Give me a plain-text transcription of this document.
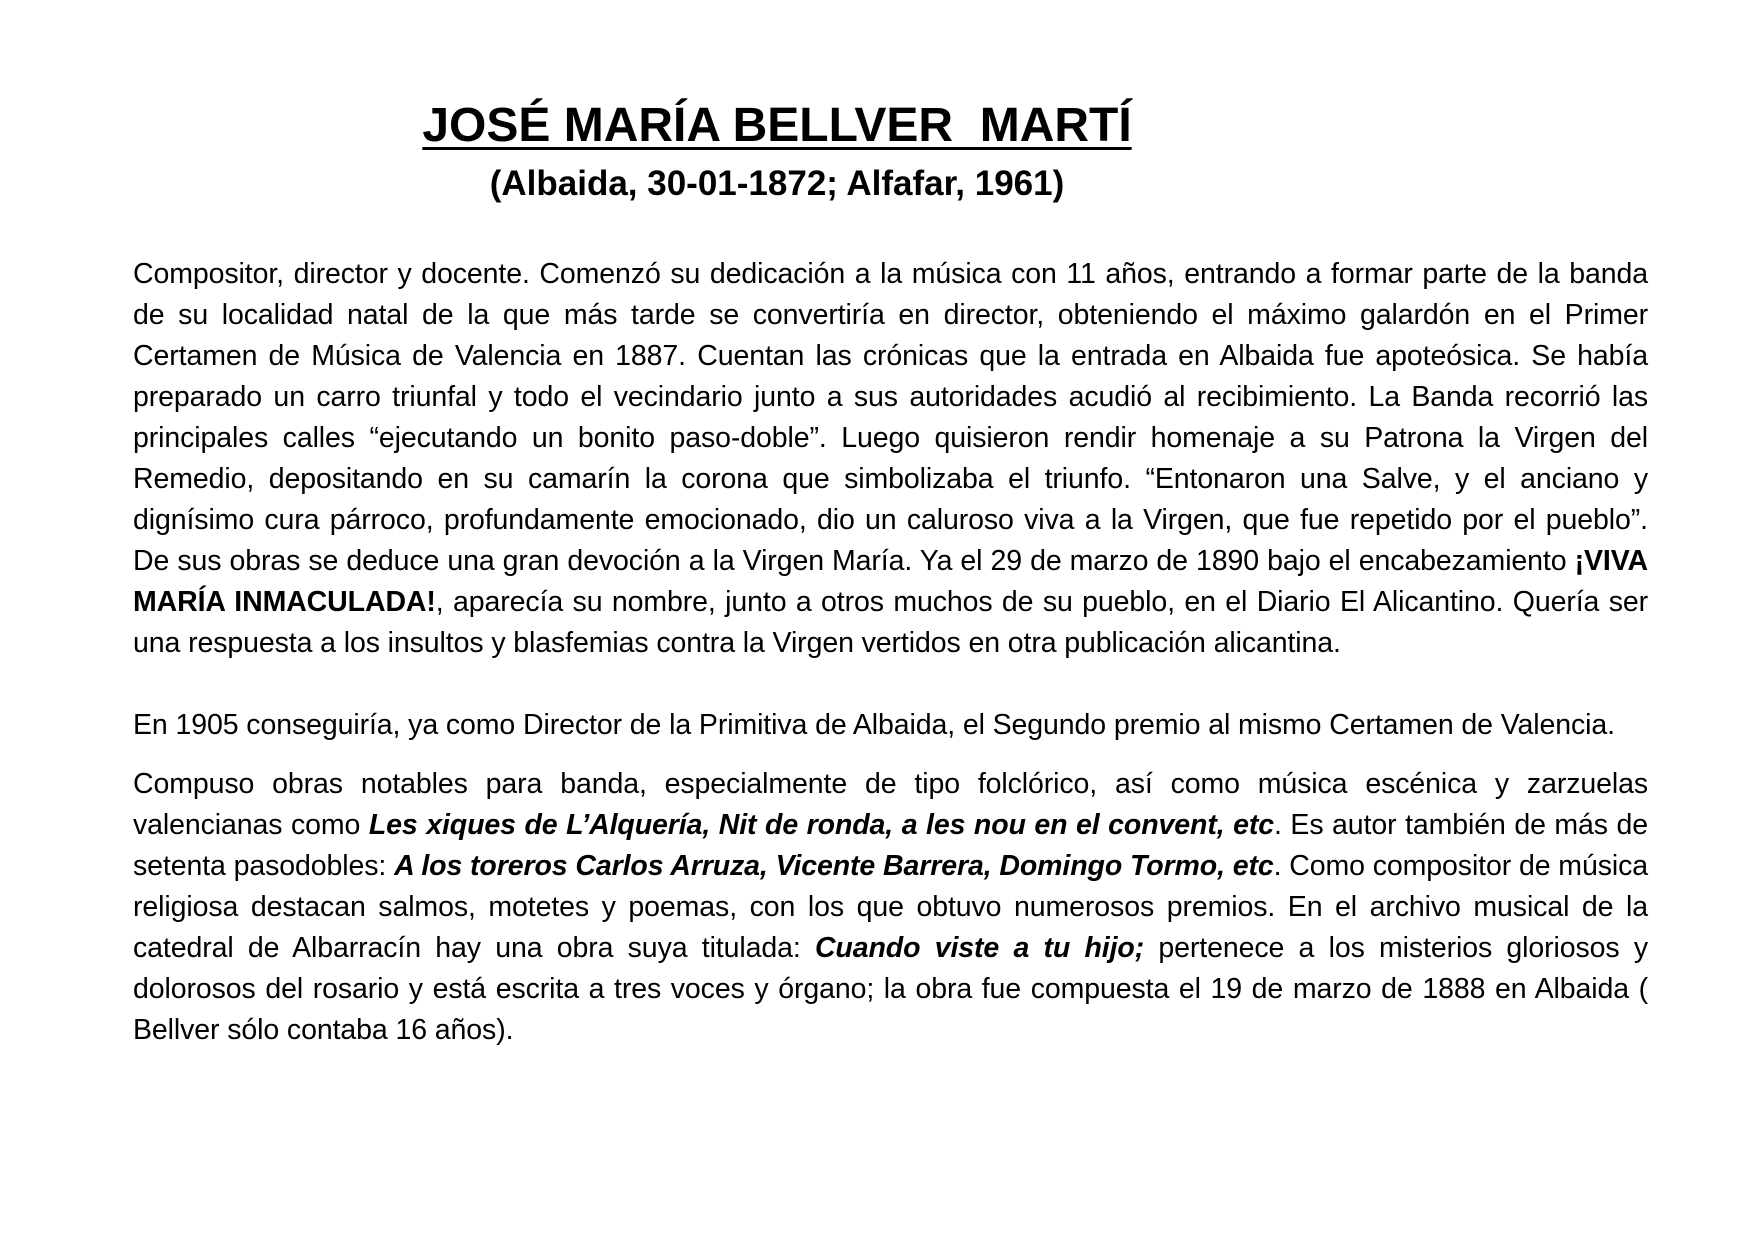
JOSÉ MARÍA BELLVER  MARTÍ
(Albaida, 30-01-1872; Alfafar, 1961)

Compositor, director y docente. Comenzó su dedicación a la música con 11 años, entrando a formar parte de la banda de su localidad natal de la que más tarde se convertiría en director, obteniendo el máximo galardón en el Primer Certamen de Música de Valencia en 1887. Cuentan las crónicas que la entrada en Albaida fue apoteósica. Se había preparado un carro triunfal y todo el vecindario junto a sus autoridades acudió al recibimiento. La Banda recorrió las principales calles “ejecutando un bonito paso-doble”. Luego quisieron rendir homenaje a su Patrona la Virgen del Remedio, depositando en su camarín la corona que simbolizaba el triunfo. “Entonaron una Salve, y el anciano y dignísimo cura párroco, profundamente emocionado, dio un caluroso viva a la Virgen, que fue repetido por el pueblo”. De sus obras se deduce una gran devoción a la Virgen María. Ya el 29 de marzo de 1890 bajo el encabezamiento ¡VIVA MARÍA INMACULADA!, aparecía su nombre, junto a otros muchos de su pueblo, en el Diario El Alicantino. Quería ser una respuesta a los insultos y blasfemias contra la Virgen vertidos en otra publicación alicantina.

En 1905 conseguiría, ya como Director de la Primitiva de Albaida, el Segundo premio al mismo Certamen de Valencia.

Compuso obras notables para banda, especialmente de tipo folclórico, así como música escénica y zarzuelas valencianas como Les xiques de L’Alquería, Nit de ronda, a les nou en el convent, etc. Es autor también de más de setenta pasodobles: A los toreros Carlos Arruza, Vicente Barrera, Domingo Tormo, etc. Como compositor de música religiosa destacan salmos, motetes y poemas, con los que obtuvo numerosos premios. En el archivo musical de la catedral de Albarracín hay una obra suya titulada: Cuando viste a tu hijo; pertenece a los misterios gloriosos y dolorosos del rosario y está escrita a tres voces y órgano; la obra fue compuesta el 19 de marzo de 1888 en Albaida ( Bellver sólo contaba 16 años).
